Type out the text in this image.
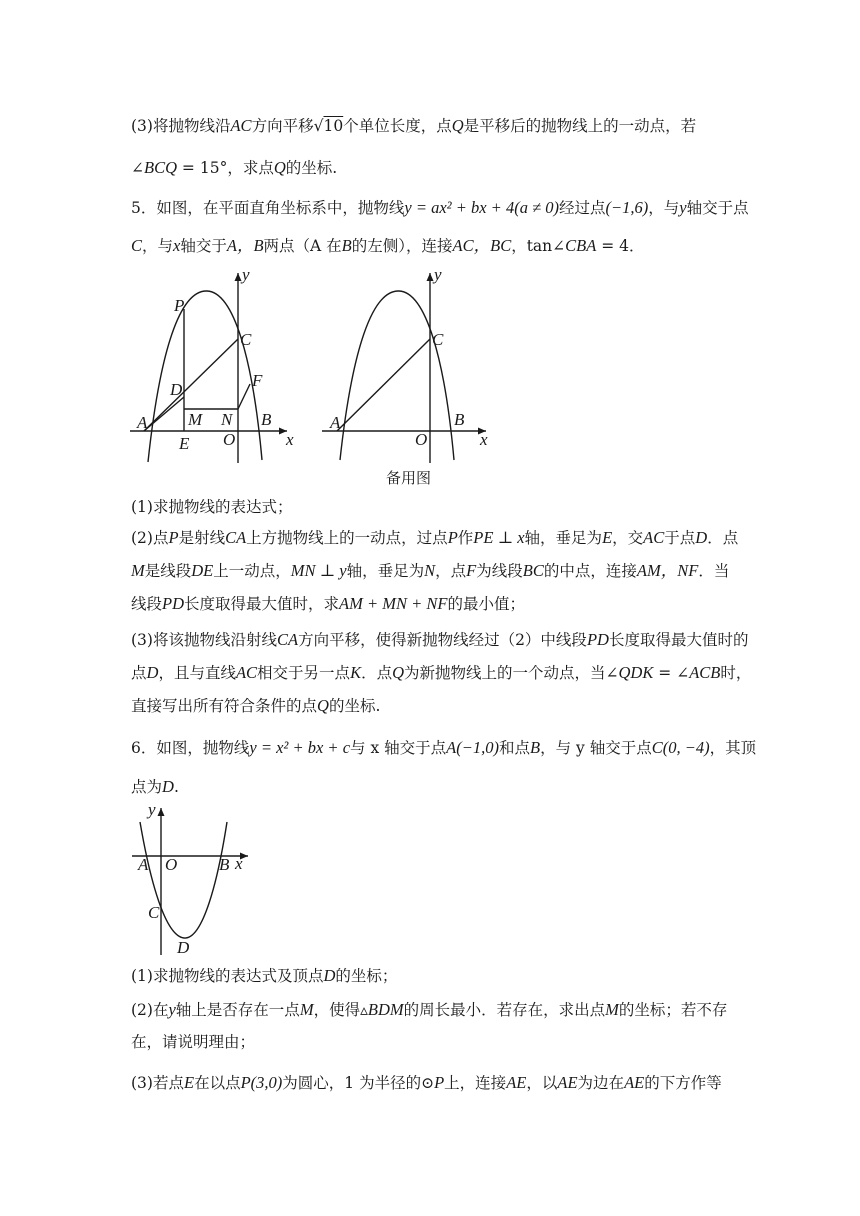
(3)将抛物线沿AC方向平移√10个单位长度，点Q是平移后的抛物线上的一动点，若
∠BCQ = 15°，求点Q的坐标.
5．如图，在平面直角坐标系中，抛物线y = ax² + bx + 4(a ≠ 0)经过点(−1,6)，与y轴交于点
C，与x轴交于A，B两点（A 在B的左侧），连接AC，BC，tan∠CBA = 4．
P
C
D	F
A M N
O
B
E	x
y
C
A
O
B
x
y
备用图
(1)求抛物线的表达式；
(2)点P是射线CA上方抛物线上的一动点，过点P作PE ⊥ x轴，垂足为E，交AC于点D．点
M是线段DE上一动点，MN ⊥ y轴，垂足为N，点F为线段BC的中点，连接AM，NF．当
线段PD长度取得最大值时，求AM + MN + NF的最小值；
(3)将该抛物线沿射线CA方向平移，使得新抛物线经过（2）中线段PD长度取得最大值时的
点D，且与直线AC相交于另一点K．点Q为新抛物线上的一个动点，当∠QDK = ∠ACB时，
直接写出所有符合条件的点Q的坐标.
6．如图，抛物线y = x² + bx + c与 x 轴交于点A(−1,0)和点B，与 y 轴交于点C(0, −4)，其顶
点为D.
y
A O B x
C
D
(1)求抛物线的表达式及顶点D的坐标；
(2)在y轴上是否存在一点M，使得▵BDM的周长最小．若存在，求出点M的坐标；若不存
在，请说明理由；
(3)若点E在以点P(3,0)为圆心，1 为半径的⊙P上，连接AE，以AE为边在AE的下方作等
